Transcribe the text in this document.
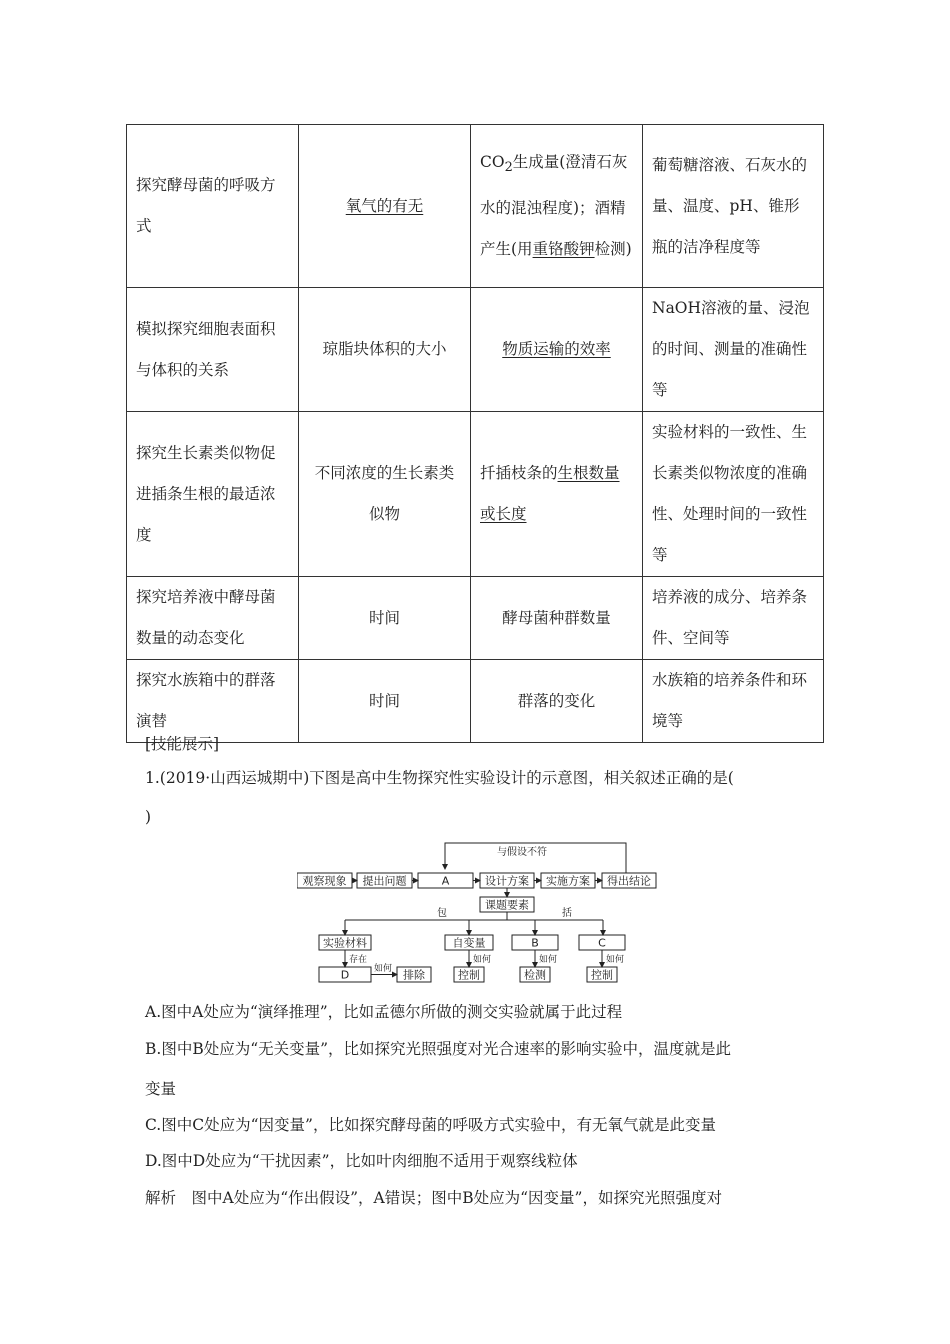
探究酵母菌的呼吸方式	氧气的有无	$CO_2$生成量(澄清石灰水的混浊程度)；酒精产生(用重铬酸钾检测)	葡萄糖溶液、石灰水的量、温度、pH、锥形瓶的洁净程度等
模拟探究细胞表面积与体积的关系	琼脂块体积的大小	物质运输的效率	NaOH溶液的量、浸泡的时间、测量的准确性等
探究生长素类似物促进插条生根的最适浓度	不同浓度的生长素类似物	扦插枝条的生根数量或长度	实验材料的一致性、生长素类似物浓度的准确性、处理时间的一致性等
探究培养液中酵母菌数量的动态变化	时间	酵母菌种群数量	培养液的成分、培养条件、空间等
探究水族箱中的群落演替	时间	群落的变化	水族箱的培养条件和环境等
[技能展示]
1.(2019·山西运城期中)下图是高中生物探究性实验设计的示意图，相关叙述正确的是(
)
与假设不符
观察现象 提出问题	A	设计方案 实施方案 得出结论
课题要素
包	括
实验材料	自变量	B	C
存在	如何	如何	如何
D	如何 排除	控制	检测	控制
A.图中A处应为“演绎推理”，比如孟德尔所做的测交实验就属于此过程
B.图中B处应为“无关变量”，比如探究光照强度对光合速率的影响实验中，温度就是此
变量
C.图中C处应为“因变量”，比如探究酵母菌的呼吸方式实验中，有无氧气就是此变量
D.图中D处应为“干扰因素”，比如叶肉细胞不适用于观察线粒体
解析　图中A处应为“作出假设”，A错误；图中B处应为“因变量”，如探究光照强度对
